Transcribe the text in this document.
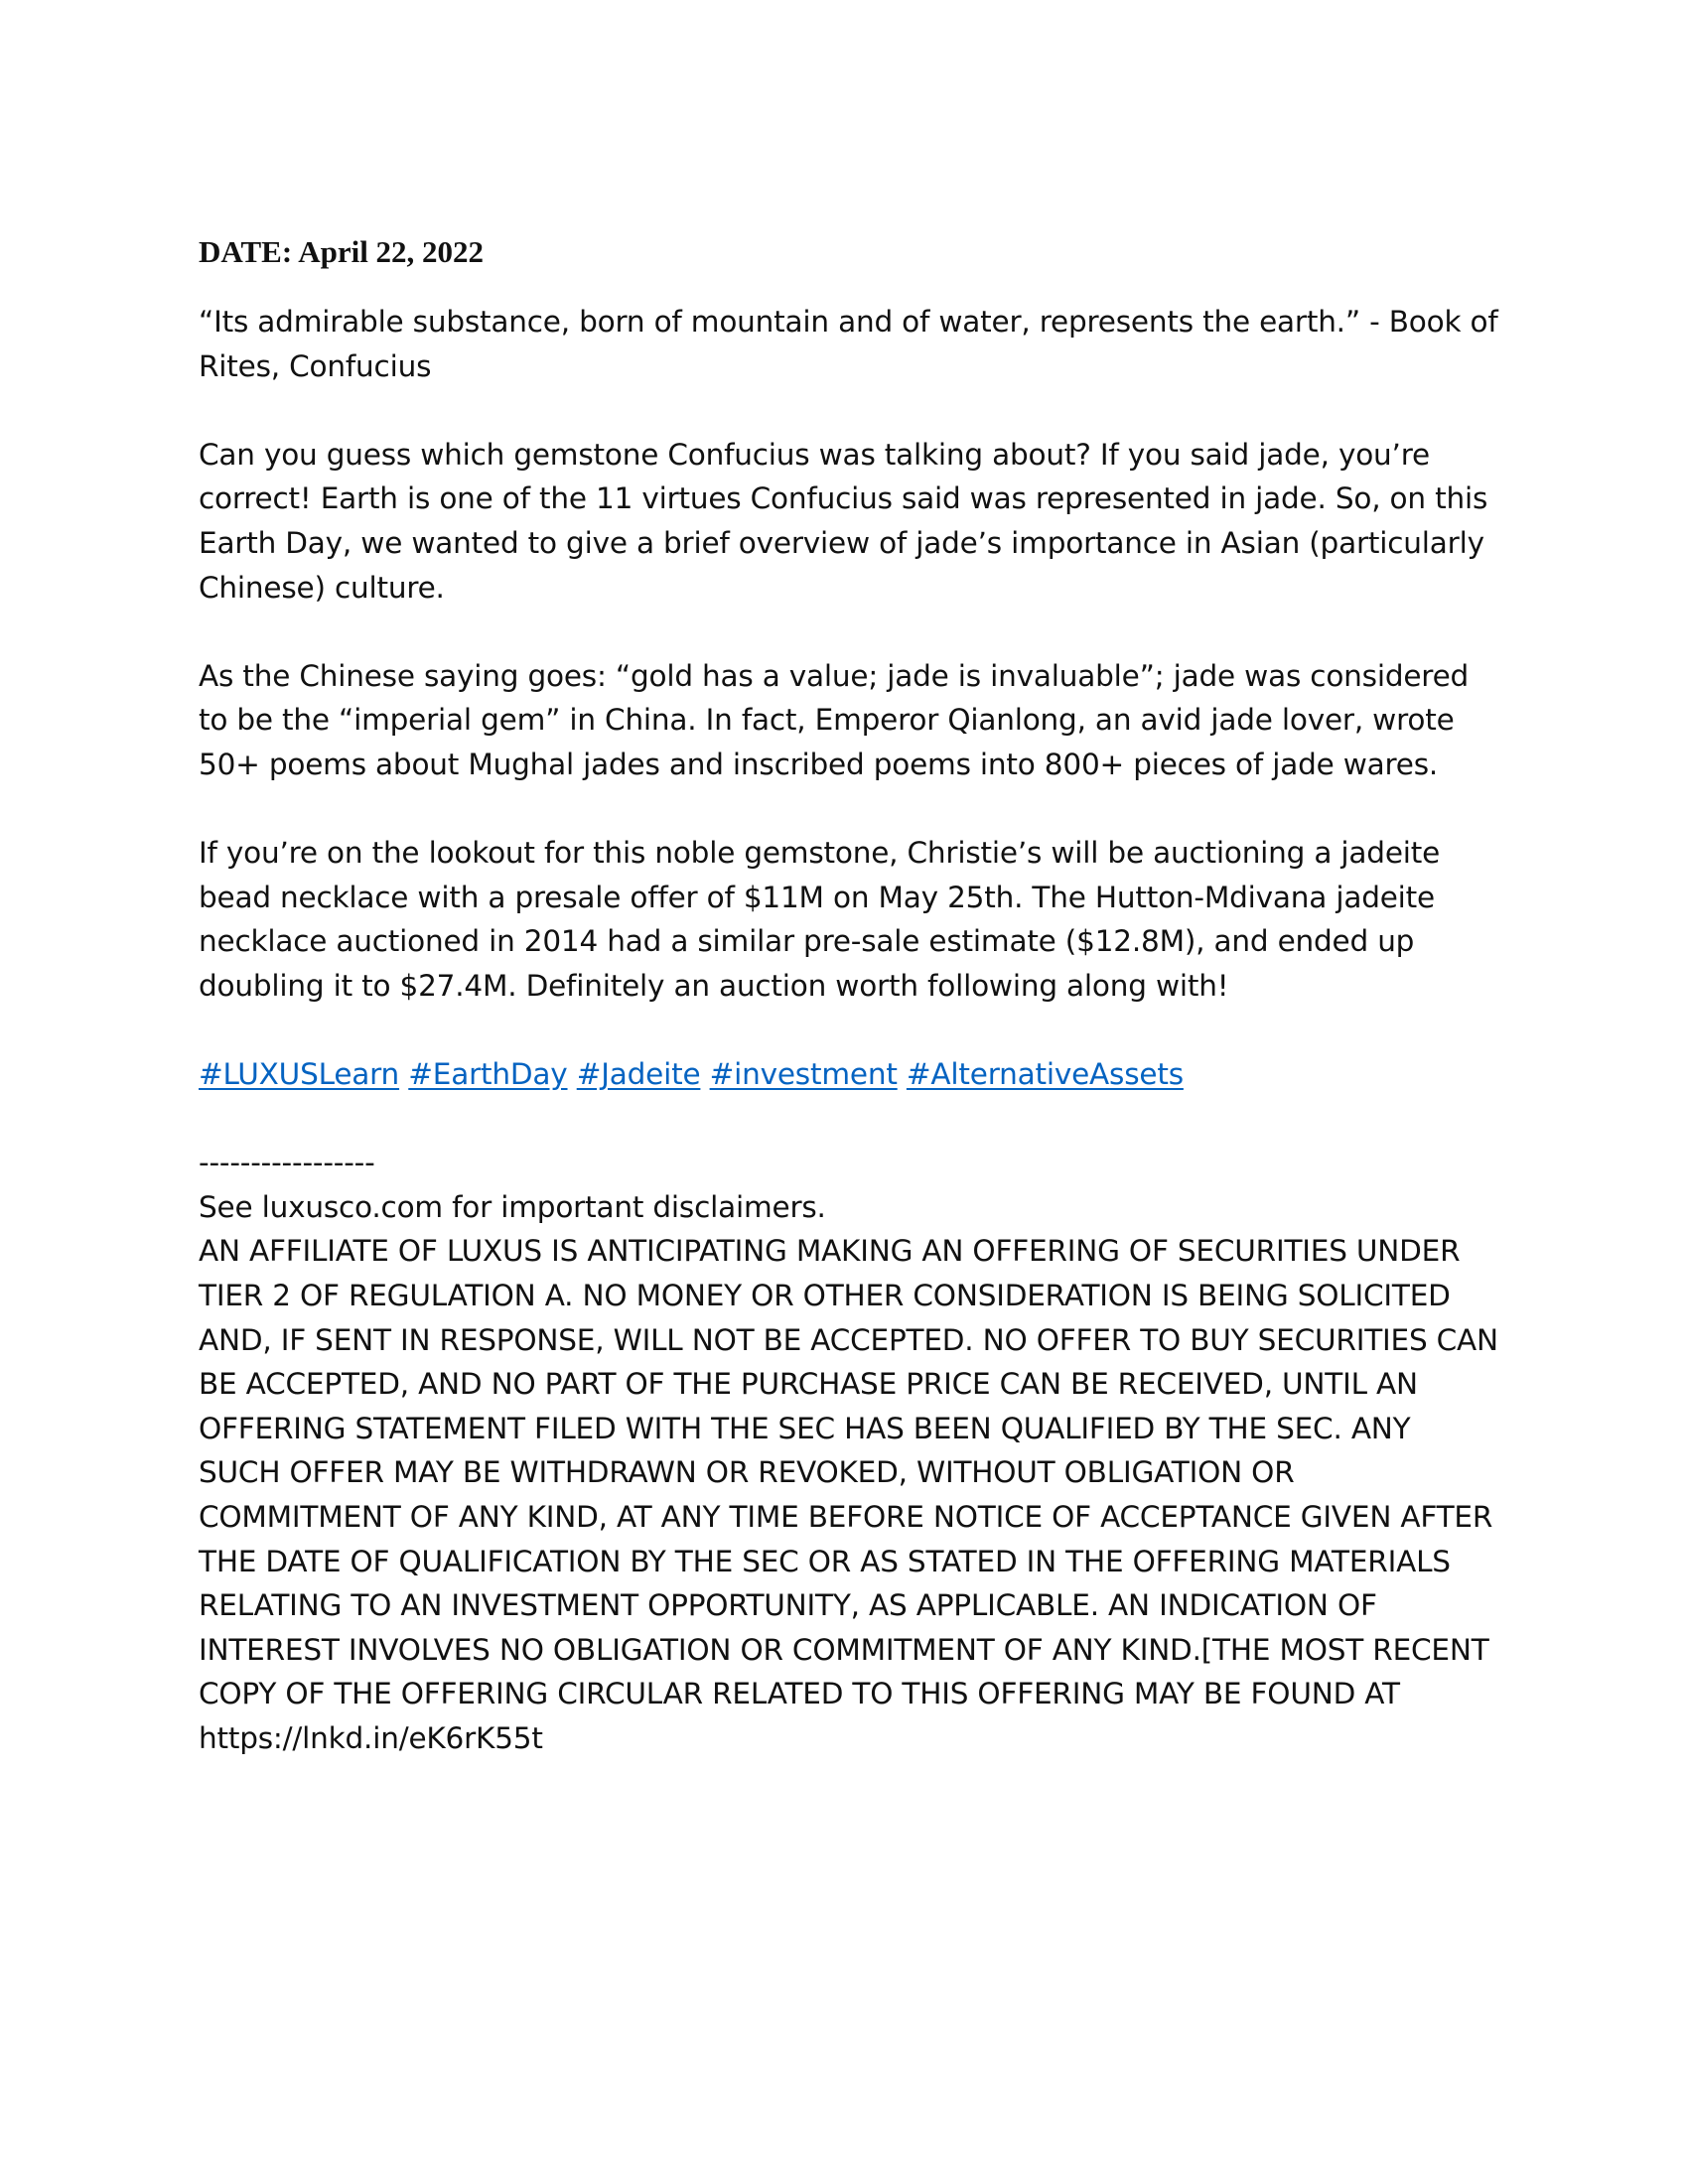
DATE: April 22, 2022

“Its admirable substance, born of mountain and of water, represents the earth.” - Book of Rites, Confucius

Can you guess which gemstone Confucius was talking about? If you said jade, you’re correct! Earth is one of the 11 virtues Confucius said was represented in jade. So, on this Earth Day, we wanted to give a brief overview of jade’s importance in Asian (particularly Chinese) culture.

As the Chinese saying goes: “gold has a value; jade is invaluable”; jade was considered to be the “imperial gem” in China. In fact, Emperor Qianlong, an avid jade lover, wrote 50+ poems about Mughal jades and inscribed poems into 800+ pieces of jade wares.

If you’re on the lookout for this noble gemstone, Christie’s will be auctioning a jadeite bead necklace with a presale offer of $11M on May 25th. The Hutton-Mdivana jadeite necklace auctioned in 2014 had a similar pre-sale estimate ($12.8M), and ended up doubling it to $27.4M. Definitely an auction worth following along with!

#LUXUSLearn #EarthDay #Jadeite #investment #AlternativeAssets
-----------------

See luxusco.com for important disclaimers.

AN AFFILIATE OF LUXUS IS ANTICIPATING MAKING AN OFFERING OF SECURITIES UNDER TIER 2 OF REGULATION A. NO MONEY OR OTHER CONSIDERATION IS BEING SOLICITED AND, IF SENT IN RESPONSE, WILL NOT BE ACCEPTED. NO OFFER TO BUY SECURITIES CAN BE ACCEPTED, AND NO PART OF THE PURCHASE PRICE CAN BE RECEIVED, UNTIL AN OFFERING STATEMENT FILED WITH THE SEC HAS BEEN QUALIFIED BY THE SEC. ANY SUCH OFFER MAY BE WITHDRAWN OR REVOKED, WITHOUT OBLIGATION OR COMMITMENT OF ANY KIND, AT ANY TIME BEFORE NOTICE OF ACCEPTANCE GIVEN AFTER THE DATE OF QUALIFICATION BY THE SEC OR AS STATED IN THE OFFERING MATERIALS RELATING TO AN INVESTMENT OPPORTUNITY, AS APPLICABLE. AN INDICATION OF INTEREST INVOLVES NO OBLIGATION OR COMMITMENT OF ANY KIND.[THE MOST RECENT COPY OF THE OFFERING CIRCULAR RELATED TO THIS OFFERING MAY BE FOUND AT https://lnkd.in/eK6rK55t
